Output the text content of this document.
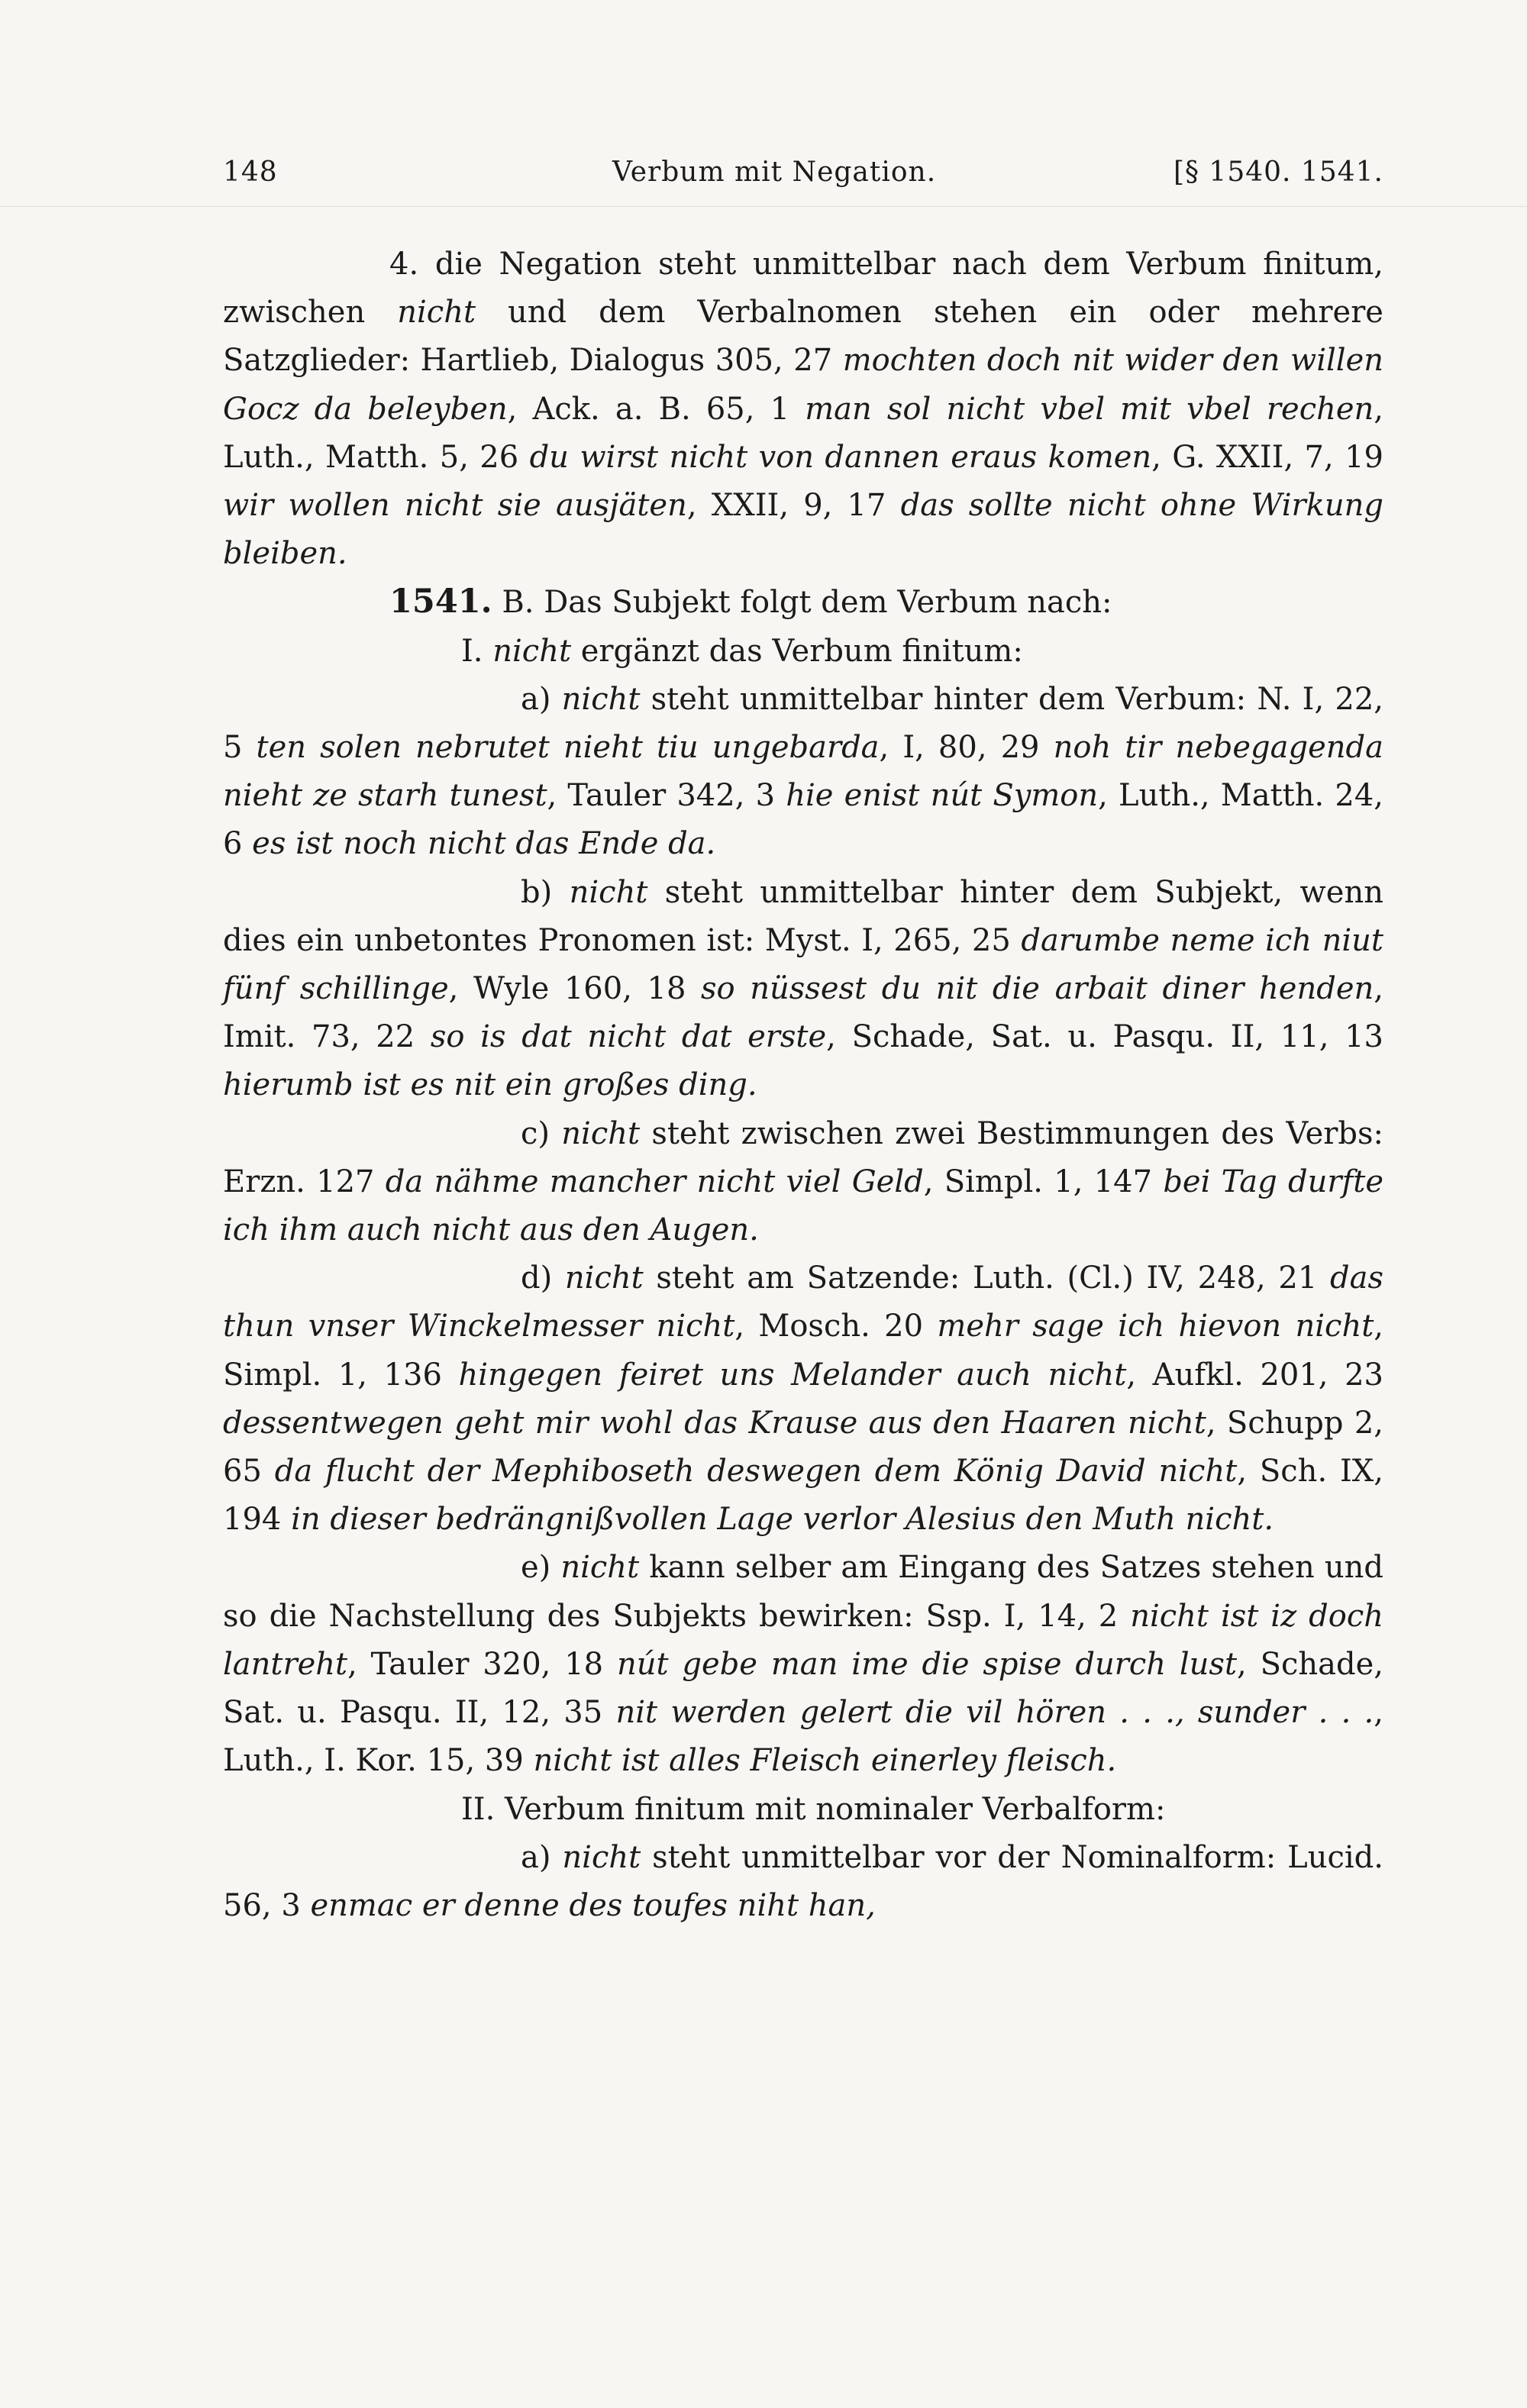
148	Verbum mit Negation.	[§ 1540. 1541.

4. die Negation steht unmittelbar nach dem Verbum finitum, zwischen nicht und dem Verbalnomen stehen ein oder mehrere Satzglieder: Hartlieb, Dialogus 305, 27 mochten doch nit wider den willen Gocz da beleyben, Ack. a. B. 65, 1 man sol nicht vbel mit vbel rechen, Luth., Matth. 5, 26 du wirst nicht von dannen eraus komen, G. XXII, 7, 19 wir wollen nicht sie ausjäten, XXII, 9, 17 das sollte nicht ohne Wirkung bleiben.

1541. B. Das Subjekt folgt dem Verbum nach:

I. nicht ergänzt das Verbum finitum:

a) nicht steht unmittelbar hinter dem Verbum: N. I, 22, 5 ten solen nebrutet nieht tiu ungebarda, I, 80, 29 noh tir nebegagenda nieht ze starh tunest, Tauler 342, 3 hie enist nút Symon, Luth., Matth. 24, 6 es ist noch nicht das Ende da.

b) nicht steht unmittelbar hinter dem Subjekt, wenn dies ein unbetontes Pronomen ist: Myst. I, 265, 25 darumbe neme ich niut fünf schillinge, Wyle 160, 18 so nüssest du nit die arbait diner henden, Imit. 73, 22 so is dat nicht dat erste, Schade, Sat. u. Pasqu. II, 11, 13 hierumb ist es nit ein großes ding.

c) nicht steht zwischen zwei Bestimmungen des Verbs: Erzn. 127 da nähme mancher nicht viel Geld, Simpl. 1, 147 bei Tag durfte ich ihm auch nicht aus den Augen.

d) nicht steht am Satzende: Luth. (Cl.) IV, 248, 21 das thun vnser Winckelmesser nicht, Mosch. 20 mehr sage ich hievon nicht, Simpl. 1, 136 hingegen feiret uns Melander auch nicht, Aufkl. 201, 23 dessentwegen geht mir wohl das Krause aus den Haaren nicht, Schupp 2, 65 da flucht der Mephiboseth deswegen dem König David nicht, Sch. IX, 194 in dieser bedrängnißvollen Lage verlor Alesius den Muth nicht.

e) nicht kann selber am Eingang des Satzes stehen und so die Nachstellung des Subjekts bewirken: Ssp. I, 14, 2 nicht ist iz doch lantreht, Tauler 320, 18 nút gebe man ime die spise durch lust, Schade, Sat. u. Pasqu. II, 12, 35 nit werden gelert die vil hören . . ., sunder . . ., Luth., I. Kor. 15, 39 nicht ist alles Fleisch einerley fleisch.

II. Verbum finitum mit nominaler Verbalform:

a) nicht steht unmittelbar vor der Nominalform: Lucid. 56, 3 enmac er denne des toufes niht han,
